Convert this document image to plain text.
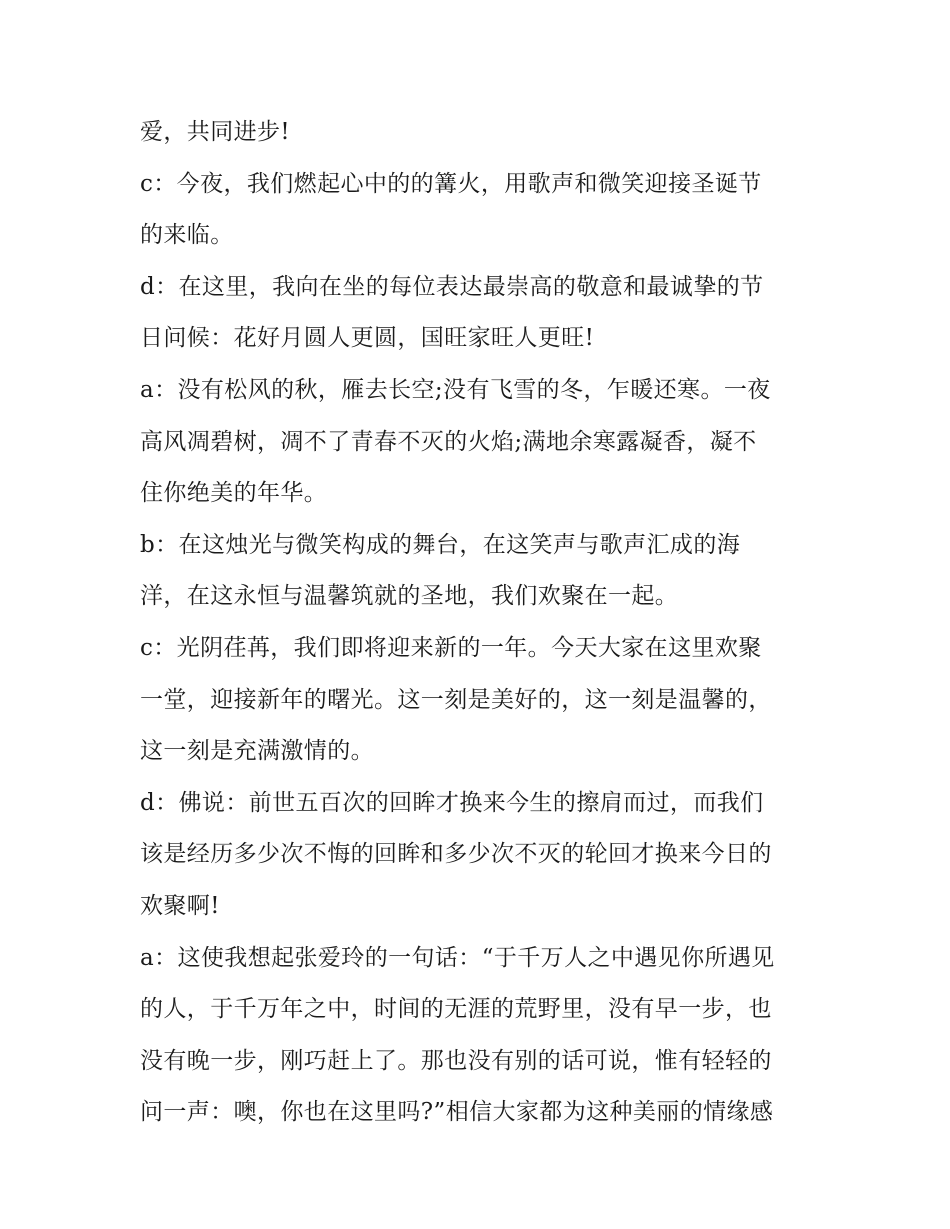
爱，共同进步!
c：今夜，我们燃起心中的的篝火，用歌声和微笑迎接圣诞节
的来临。
d：在这里，我向在坐的每位表达最崇高的敬意和最诚挚的节
日问候：花好月圆人更圆，国旺家旺人更旺!
a：没有松风的秋，雁去长空;没有飞雪的冬，乍暖还寒。一夜
高风凋碧树，凋不了青春不灭的火焰;满地余寒露凝香，凝不
住你绝美的年华。
b：在这烛光与微笑构成的舞台，在这笑声与歌声汇成的海
洋，在这永恒与温馨筑就的圣地，我们欢聚在一起。
c：光阴荏苒，我们即将迎来新的一年。今天大家在这里欢聚
一堂，迎接新年的曙光。这一刻是美好的，这一刻是温馨的，
这一刻是充满激情的。
d：佛说：前世五百次的回眸才换来今生的擦肩而过，而我们
该是经历多少次不悔的回眸和多少次不灭的轮回才换来今日的
欢聚啊!
a：这使我想起张爱玲的一句话：“于千万人之中遇见你所遇见
的人，于千万年之中，时间的无涯的荒野里，没有早一步，也
没有晚一步，刚巧赶上了。那也没有别的话可说，惟有轻轻的
问一声：噢，你也在这里吗?”相信大家都为这种美丽的情缘感
